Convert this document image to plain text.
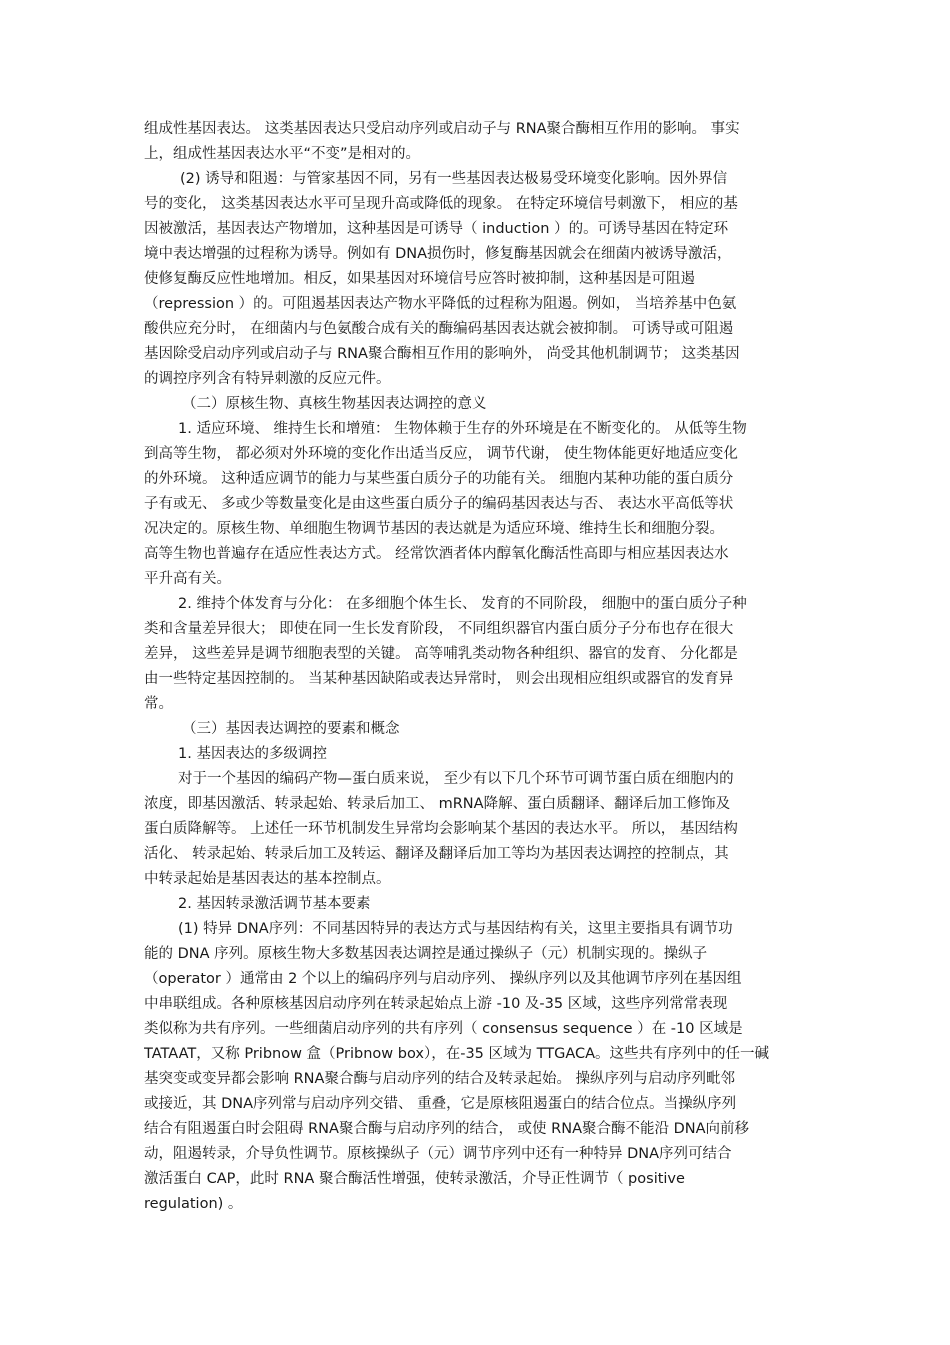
组成性基因表达。 这类基因表达只受启动序列或启动子与 RNA聚合酶相互作用的影响。 事实
上，组成性基因表达水平“不变”是相对的。
(2) 诱导和阻遏：与管家基因不同，另有一些基因表达极易受环境变化影响。因外界信
号的变化， 这类基因表达水平可呈现升高或降低的现象。 在特定环境信号刺激下， 相应的基
因被激活，基因表达产物增加，这种基因是可诱导（ induction ）的。可诱导基因在特定环
境中表达增强的过程称为诱导。例如有 DNA损伤时，修复酶基因就会在细菌内被诱导激活，
使修复酶反应性地增加。相反，如果基因对环境信号应答时被抑制，这种基因是可阻遏
（repression ）的。可阻遏基因表达产物水平降低的过程称为阻遏。例如， 当培养基中色氨
酸供应充分时， 在细菌内与色氨酸合成有关的酶编码基因表达就会被抑制。 可诱导或可阻遏
基因除受启动序列或启动子与 RNA聚合酶相互作用的影响外， 尚受其他机制调节； 这类基因
的调控序列含有特异刺激的反应元件。
（二）原核生物、真核生物基因表达调控的意义
1. 适应环境、 维持生长和增殖： 生物体赖于生存的外环境是在不断变化的。 从低等生物
到高等生物， 都必须对外环境的变化作出适当反应， 调节代谢， 使生物体能更好地适应变化
的外环境。 这种适应调节的能力与某些蛋白质分子的功能有关。 细胞内某种功能的蛋白质分
子有或无、 多或少等数量变化是由这些蛋白质分子的编码基因表达与否、 表达水平高低等状
况决定的。原核生物、单细胞生物调节基因的表达就是为适应环境、维持生长和细胞分裂。
高等生物也普遍存在适应性表达方式。 经常饮酒者体内醇氧化酶活性高即与相应基因表达水
平升高有关。
2. 维持个体发育与分化： 在多细胞个体生长、 发育的不同阶段， 细胞中的蛋白质分子种
类和含量差异很大； 即使在同一生长发育阶段， 不同组织器官内蛋白质分子分布也存在很大
差异， 这些差异是调节细胞表型的关键。 高等哺乳类动物各种组织、器官的发育、 分化都是
由一些特定基因控制的。 当某种基因缺陷或表达异常时， 则会出现相应组织或器官的发育异
常。
（三）基因表达调控的要素和概念
1. 基因表达的多级调控
对于一个基因的编码产物—蛋白质来说， 至少有以下几个环节可调节蛋白质在细胞内的
浓度，即基因激活、转录起始、转录后加工、 mRNA降解、蛋白质翻译、翻译后加工修饰及
蛋白质降解等。 上述任一环节机制发生异常均会影响某个基因的表达水平。 所以， 基因结构
活化、 转录起始、转录后加工及转运、翻译及翻译后加工等均为基因表达调控的控制点，其
中转录起始是基因表达的基本控制点。
2. 基因转录激活调节基本要素
(1) 特异 DNA序列：不同基因特异的表达方式与基因结构有关，这里主要指具有调节功
能的 DNA 序列。原核生物大多数基因表达调控是通过操纵子（元）机制实现的。操纵子
（operator ）通常由 2 个以上的编码序列与启动序列、 操纵序列以及其他调节序列在基因组
中串联组成。各种原核基因启动序列在转录起始点上游 -10 及-35 区域，这些序列常常表现
类似称为共有序列。一些细菌启动序列的共有序列（ consensus sequence ）在 -10 区域是
TATAAT，又称 Pribnow 盒（Pribnow box），在-35 区域为 TTGACA。这些共有序列中的任一碱
基突变或变异都会影响 RNA聚合酶与启动序列的结合及转录起始。 操纵序列与启动序列毗邻
或接近，其 DNA序列常与启动序列交错、 重叠，它是原核阻遏蛋白的结合位点。当操纵序列
结合有阻遏蛋白时会阻碍 RNA聚合酶与启动序列的结合， 或使 RNA聚合酶不能沿 DNA向前移
动，阻遏转录，介导负性调节。原核操纵子（元）调节序列中还有一种特异 DNA序列可结合
激活蛋白 CAP，此时 RNA 聚合酶活性增强，使转录激活，介导正性调节（ positive
regulation) 。
